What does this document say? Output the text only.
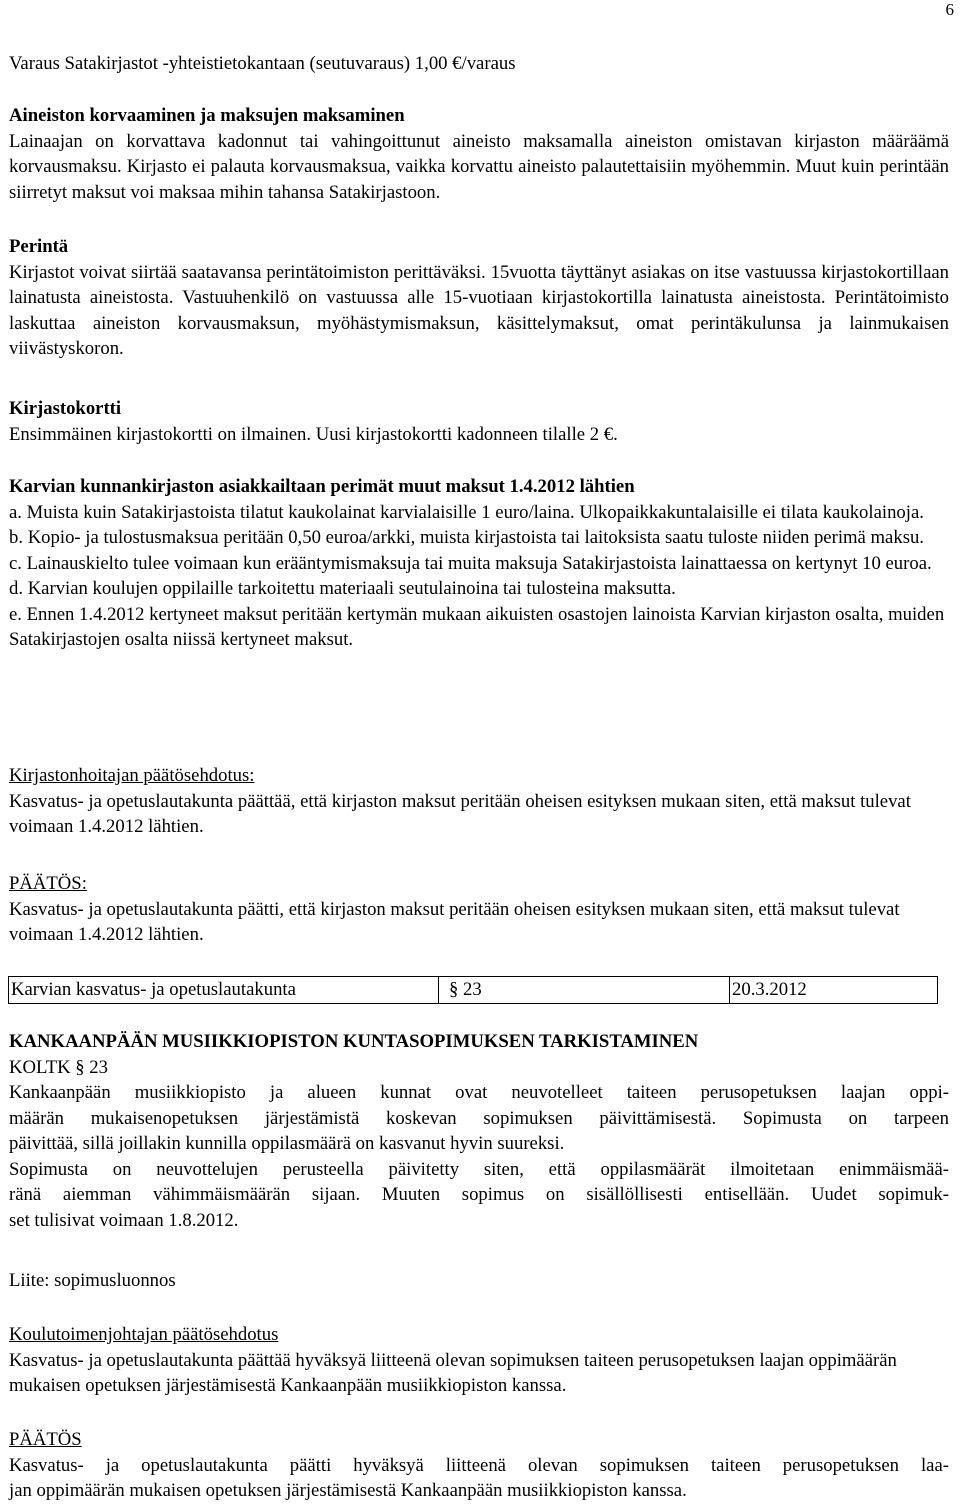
6

Varaus Satakirjastot -yhteistietokantaan (seutuvaraus) 1,00 €/varaus

Aineiston korvaaminen ja maksujen maksaminen

Lainaajan on korvattava kadonnut tai vahingoittunut aineisto maksamalla aineiston omistavan kirjaston määräämä korvausmaksu. Kirjasto ei palauta korvausmaksua, vaikka korvattu aineisto palautettaisiin myöhemmin. Muut kuin perintään siirretyt maksut voi maksaa mihin tahansa Satakirjastoon.

Perintä

Kirjastot voivat siirtää saatavansa perintätoimiston perittäväksi. 15vuotta täyttänyt asiakas on itse vastuussa kirjastokortillaan lainatusta aineistosta. Vastuuhenkilö on vastuussa alle 15-vuotiaan kirjastokortilla lainatusta aineistosta. Perintätoimisto laskuttaa aineiston korvausmaksun, myöhästymismaksun, käsittelymaksut, omat perintäkulunsa ja lainmukaisen viivästyskoron.

Kirjastokortti

Ensimmäinen kirjastokortti on ilmainen. Uusi kirjastokortti kadonneen tilalle 2 €.

Karvian kunnankirjaston asiakkailtaan perimät muut maksut 1.4.2012 lähtien

a. Muista kuin Satakirjastoista tilatut kaukolainat karvialaisille 1 euro/laina. Ulkopaikkakuntalaisille ei tilata kaukolainoja.

b. Kopio- ja tulostusmaksua peritään 0,50 euroa/arkki, muista kirjastoista tai laitoksista saatu tuloste niiden perimä maksu.

c. Lainauskielto tulee voimaan kun erääntymismaksuja tai muita maksuja Satakirjastoista lainattaessa on kertynyt 10 euroa.

d. Karvian koulujen oppilaille tarkoitettu materiaali seutulainoina tai tulosteina maksutta.

e. Ennen 1.4.2012 kertyneet maksut peritään kertymän mukaan aikuisten osastojen lainoista Karvian kirjaston osalta, muiden Satakirjastojen osalta niissä kertyneet maksut.

Kirjastonhoitajan päätösehdotus:

Kasvatus- ja opetuslautakunta päättää, että kirjaston maksut peritään oheisen esityksen mukaan siten, että maksut tulevat voimaan 1.4.2012 lähtien.

PÄÄTÖS:

Kasvatus- ja opetuslautakunta päätti, että kirjaston maksut peritään oheisen esityksen mukaan siten, että maksut tulevat voimaan 1.4.2012 lähtien.

Karvian kasvatus- ja opetuslautakunta	§ 23	20.3.2012

KANKAANPÄÄN MUSIIKKIOPISTON KUNTASOPIMUKSEN TARKISTAMINEN

KOLTK § 23

Kankaanpään musiikkiopisto ja alueen kunnat ovat neuvotelleet taiteen perusopetuksen laajan oppi-

määrän mukaisenopetuksen järjestämistä koskevan sopimuksen päivittämisestä. Sopimusta on tarpeen

päivittää, sillä joillakin kunnilla oppilasmäärä on kasvanut hyvin suureksi.

Sopimusta on neuvottelujen perusteella päivitetty siten, että oppilasmäärät ilmoitetaan enimmäismää-

ränä aiemman vähimmäismäärän sijaan. Muuten sopimus on sisällöllisesti entisellään. Uudet sopimuk-

set tulisivat voimaan 1.8.2012.

Liite: sopimusluonnos

Koulutoimenjohtajan päätösehdotus

Kasvatus- ja opetuslautakunta päättää hyväksyä liitteenä olevan sopimuksen taiteen perusopetuksen laajan oppimäärän mukaisen opetuksen järjestämisestä Kankaanpään musiikkiopiston kanssa.

PÄÄTÖS

Kasvatus- ja opetuslautakunta päätti hyväksyä liitteenä olevan sopimuksen taiteen perusopetuksen laa-

jan oppimäärän mukaisen opetuksen järjestämisestä Kankaanpään musiikkiopiston kanssa.
